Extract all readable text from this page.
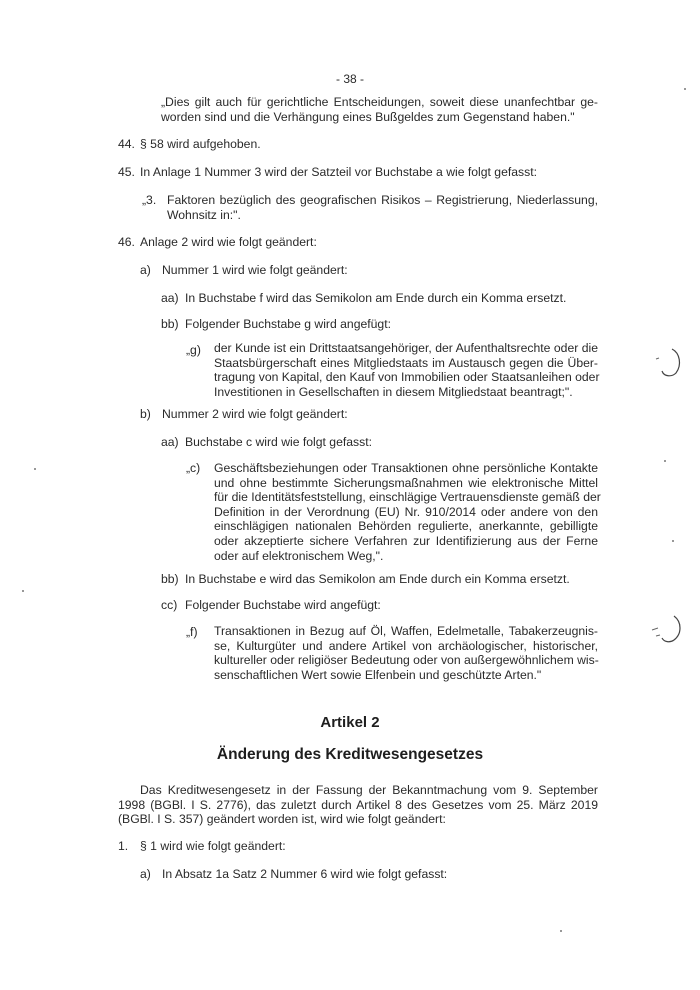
- 38 -
„Dies gilt auch für gerichtliche Entscheidungen, soweit diese unanfechtbar ge-
worden sind und die Verhängung eines Bußgeldes zum Gegenstand haben."
44. § 58 wird aufgehoben.
45. In Anlage 1 Nummer 3 wird der Satzteil vor Buchstabe a wie folgt gefasst:
„3. Faktoren bezüglich des geografischen Risikos – Registrierung, Niederlassung,
Wohnsitz in:".
46. Anlage 2 wird wie folgt geändert:
a) Nummer 1 wird wie folgt geändert:
aa) In Buchstabe f wird das Semikolon am Ende durch ein Komma ersetzt.
bb) Folgender Buchstabe g wird angefügt:
„g) der Kunde ist ein Drittstaatsangehöriger, der Aufenthaltsrechte oder die
Staatsbürgerschaft eines Mitgliedstaats im Austausch gegen die Über-
tragung von Kapital, den Kauf von Immobilien oder Staatsanleihen oder
Investitionen in Gesellschaften in diesem Mitgliedstaat beantragt;".
b) Nummer 2 wird wie folgt geändert:
aa) Buchstabe c wird wie folgt gefasst:
„c) Geschäftsbeziehungen oder Transaktionen ohne persönliche Kontakte
und ohne bestimmte Sicherungsmaßnahmen wie elektronische Mittel
für die Identitätsfeststellung, einschlägige Vertrauensdienste gemäß der
Definition in der Verordnung (EU) Nr. 910/2014 oder andere von den
einschlägigen nationalen Behörden regulierte, anerkannte, gebilligte
oder akzeptierte sichere Verfahren zur Identifizierung aus der Ferne
oder auf elektronischem Weg,".
bb) In Buchstabe e wird das Semikolon am Ende durch ein Komma ersetzt.
cc) Folgender Buchstabe wird angefügt:
„f) Transaktionen in Bezug auf Öl, Waffen, Edelmetalle, Tabakerzeugnis-
se, Kulturgüter und andere Artikel von archäologischer, historischer,
kultureller oder religiöser Bedeutung oder von außergewöhnlichem wis-
senschaftlichen Wert sowie Elfenbein und geschützte Arten."
Artikel 2
Änderung des Kreditwesengesetzes
Das Kreditwesengesetz in der Fassung der Bekanntmachung vom 9. September
1998 (BGBl. I S. 2776), das zuletzt durch Artikel 8 des Gesetzes vom 25. März 2019
(BGBl. I S. 357) geändert worden ist, wird wie folgt geändert:
1. § 1 wird wie folgt geändert:
a) In Absatz 1a Satz 2 Nummer 6 wird wie folgt gefasst:
